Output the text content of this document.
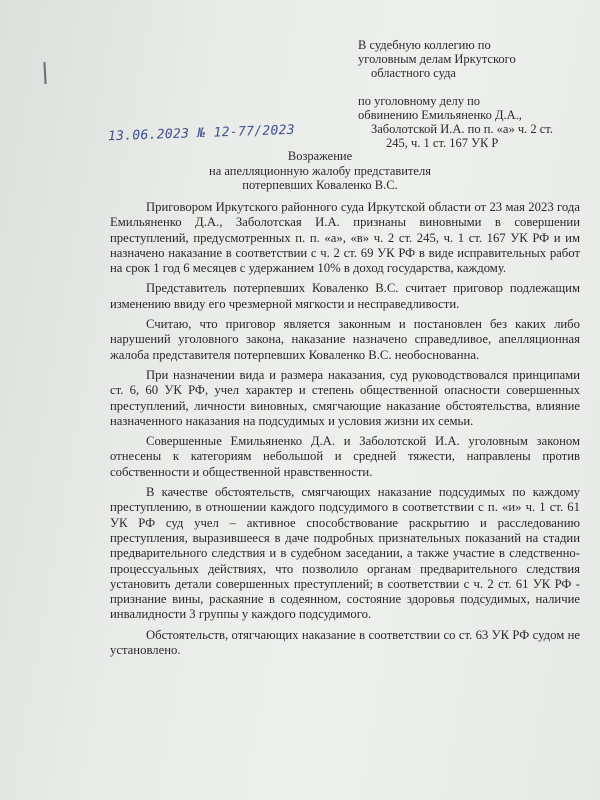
В судебную коллегию по
уголовным делам Иркутского
областного суда
по уголовному делу по
обвинению Емильяненко Д.А.,
Заболотской И.А. по п. «а» ч. 2 ст.
245, ч. 1 ст. 167 УК Р
13.06.2023 № 12-77/2023
Возражение
на апелляционную жалобу представителя
потерпевших Коваленко В.С.

Приговором Иркутского районного суда Иркутской области от 23 мая 2023 года Емильяненко Д.А., Заболотская И.А. признаны виновными в совершении преступлений, предусмотренных п. п. «а», «в» ч. 2 ст. 245, ч. 1 ст. 167 УК РФ и им назначено наказание в соответствии с ч. 2 ст. 69 УК РФ в виде исправительных работ на срок 1 год 6 месяцев с удержанием 10% в доход государства, каждому.

Представитель потерпевших Коваленко В.С. считает приговор подлежащим изменению ввиду его чрезмерной мягкости и несправедливости.

Считаю, что приговор является законным и постановлен без каких либо нарушений уголовного закона, наказание назначено справедливое, апелляционная жалоба представителя потерпевших Коваленко В.С. необоснованна.

При назначении вида и размера наказания, суд руководствовался принципами ст. 6, 60 УК РФ, учел характер и степень общественной опасности совершенных преступлений, личности виновных, смягчающие наказание обстоятельства, влияние назначенного наказания на подсудимых и условия жизни их семьи.

Совершенные Емильяненко Д.А. и Заболотской И.А. уголовным законом отнесены к категориям небольшой и средней тяжести, направлены против собственности и общественной нравственности.

В качестве обстоятельств, смягчающих наказание подсудимых по каждому преступлению, в отношении каждого подсудимого в соответствии с п. «и» ч. 1 ст. 61 УК РФ суд учел – активное способствование раскрытию и расследованию преступления, выразившееся в даче подробных признательных показаний на стадии предварительного следствия и в судебном заседании, а также участие в следственно-процессуальных действиях, что позволило органам предварительного следствия установить детали совершенных преступлений; в соответствии с ч. 2 ст. 61 УК РФ - признание вины, раскаяние в содеянном, состояние здоровья подсудимых, наличие инвалидности 3 группы у каждого подсудимого.

Обстоятельств, отягчающих наказание в соответствии со ст. 63 УК РФ судом не установлено.
